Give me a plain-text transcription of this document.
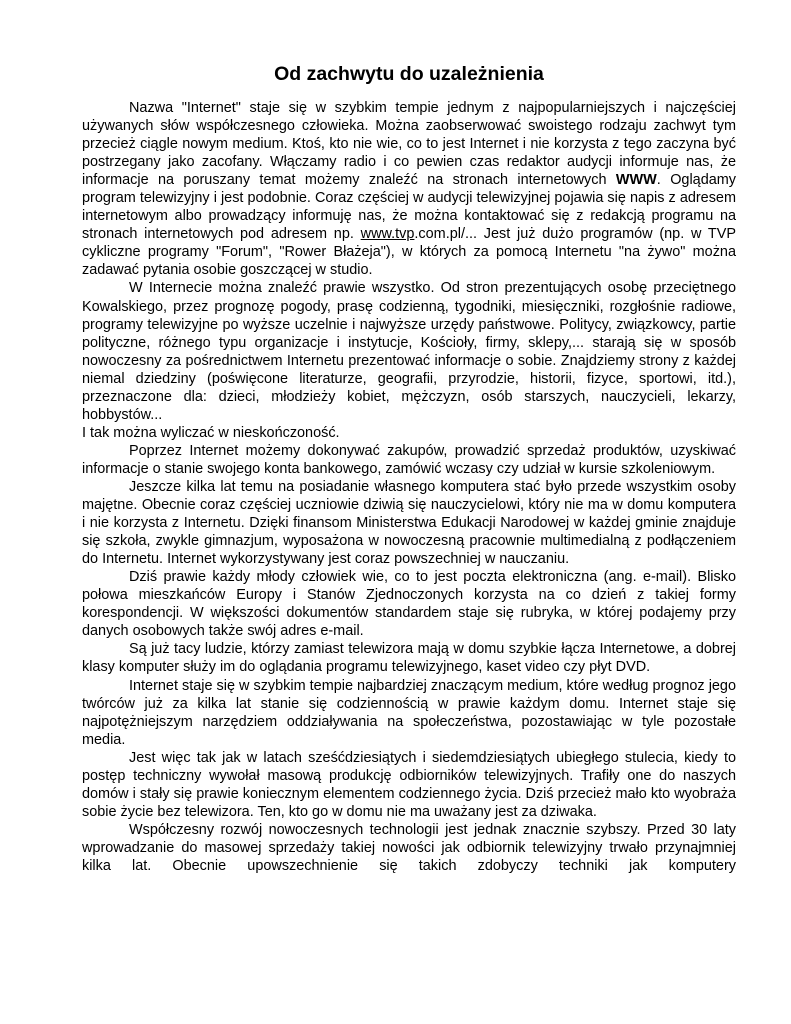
Od zachwytu do uzależnienia

Nazwa "Internet" staje się w szybkim tempie jednym z najpopularniejszych i najczęściej używanych słów współczesnego człowieka. Można zaobserwować swoistego rodzaju zachwyt tym przecież ciągle nowym medium. Ktoś, kto nie wie, co to jest Internet i nie korzysta z tego zaczyna być postrzegany jako zacofany. Włączamy radio i co pewien czas redaktor audycji informuje nas, że informacje na poruszany temat możemy znaleźć na stronach internetowych WWW. Oglądamy program telewizyjny i jest podobnie. Coraz częściej w audycji telewizyjnej pojawia się napis z adresem internetowym albo prowadzący informuję nas, że można kontaktować się z redakcją programu na stronach internetowych pod adresem np. www.tvp.com.pl/... Jest już dużo programów (np. w TVP cykliczne programy "Forum", "Rower Błażeja"), w których za pomocą Internetu "na żywo" można zadawać pytania osobie goszczącej w studio.

W Internecie można znaleźć prawie wszystko. Od stron prezentujących osobę przeciętnego Kowalskiego, przez prognozę pogody, prasę codzienną, tygodniki, miesięczniki, rozgłośnie radiowe, programy telewizyjne po wyższe uczelnie i najwyższe urzędy państwowe. Politycy, związkowcy, partie polityczne, różnego typu organizacje i instytucje, Kościoły, firmy, sklepy,... starają się w sposób nowoczesny za pośrednictwem Internetu prezentować informacje o sobie. Znajdziemy strony z każdej niemal dziedziny (poświęcone literaturze, geografii, przyrodzie, historii, fizyce, sportowi, itd.), przeznaczone dla: dzieci, młodzieży kobiet, mężczyzn, osób starszych, nauczycieli, lekarzy, hobbystów...

I tak można wyliczać w nieskończoność.

Poprzez Internet możemy dokonywać zakupów, prowadzić sprzedaż produktów, uzyskiwać informacje o stanie swojego konta bankowego, zamówić wczasy czy udział w kursie szkoleniowym.

Jeszcze kilka lat temu na posiadanie własnego komputera stać było przede wszystkim osoby majętne. Obecnie coraz częściej uczniowie dziwią się nauczycielowi, który nie ma w domu komputera i nie korzysta z Internetu. Dzięki finansom Ministerstwa Edukacji Narodowej w każdej gminie znajduje się szkoła, zwykle gimnazjum, wyposażona w nowoczesną pracownie multimedialną z podłączeniem do Internetu. Internet wykorzystywany jest coraz powszechniej w nauczaniu.

Dziś prawie każdy młody człowiek wie, co to jest poczta elektroniczna (ang. e-mail). Blisko połowa mieszkańców Europy i Stanów Zjednoczonych korzysta na co dzień z takiej formy korespondencji. W większości dokumentów standardem staje się rubryka, w której podajemy przy danych osobowych także swój adres e-mail.

Są już tacy ludzie, którzy zamiast telewizora mają w domu szybkie łącza Internetowe, a dobrej klasy komputer służy im do oglądania programu telewizyjnego, kaset video czy płyt DVD.

Internet staje się w szybkim tempie najbardziej znaczącym medium, które według prognoz jego twórców już za kilka lat stanie się codziennością w prawie każdym domu. Internet staje się najpotężniejszym narzędziem oddziaływania na społeczeństwa, pozostawiając w tyle pozostałe media.

Jest więc tak jak w latach sześćdziesiątych i siedemdziesiątych ubiegłego stulecia, kiedy to postęp techniczny wywołał masową produkcję odbiorników telewizyjnych. Trafiły one do naszych domów i stały się prawie koniecznym elementem codziennego życia. Dziś przecież mało kto wyobraża sobie życie bez telewizora. Ten, kto go w domu nie ma uważany jest za dziwaka.

Współczesny rozwój nowoczesnych technologii jest jednak znacznie szybszy. Przed 30 laty wprowadzanie do masowej sprzedaży takiej nowości jak odbiornik telewizyjny trwało przynajmniej kilka lat. Obecnie upowszechnienie się takich zdobyczy techniki jak komputery
